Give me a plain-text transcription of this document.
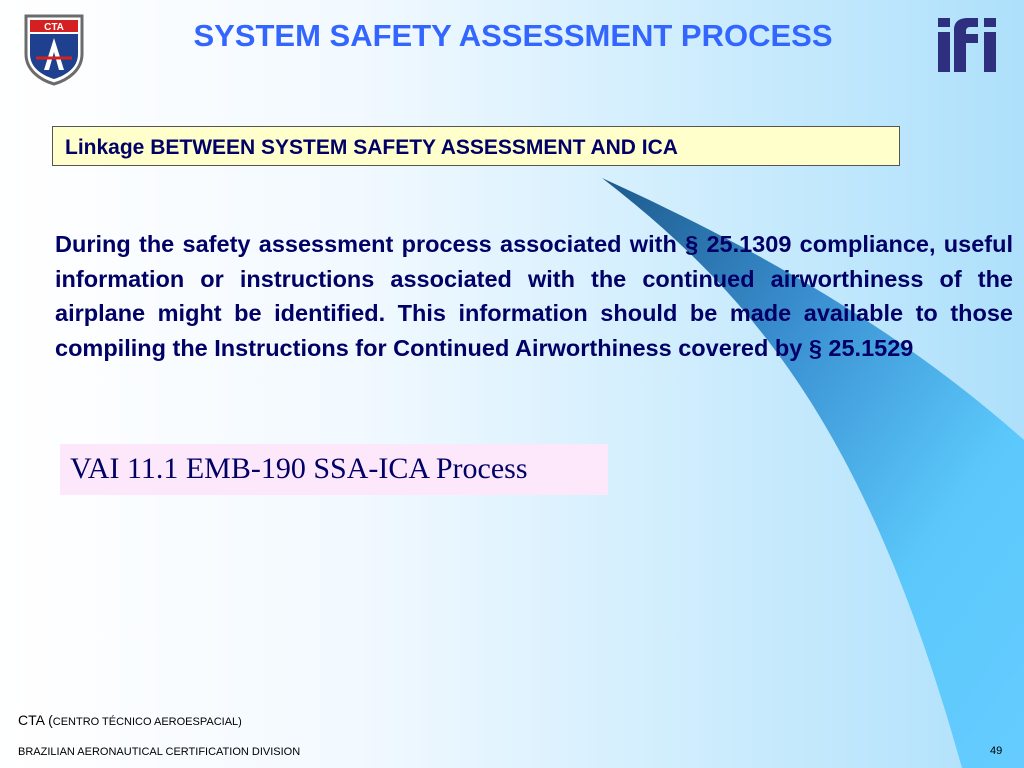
CTA	SYSTEM SAFETY ASSESSMENT PROCESS
Linkage BETWEEN SYSTEM SAFETY ASSESSMENT AND ICA
During the safety assessment process associated with § 25.1309 compliance, useful information or instructions associated with the continued airworthiness of the airplane might be identified. This information should be made available to those compiling the Instructions for Continued Airworthiness covered by § 25.1529
VAI 11.1 EMB-190 SSA-ICA Process
CTA (CENTRO TÉCNICO AEROESPACIAL)
BRAZILIAN AERONAUTICAL CERTIFICATION DIVISION	49
